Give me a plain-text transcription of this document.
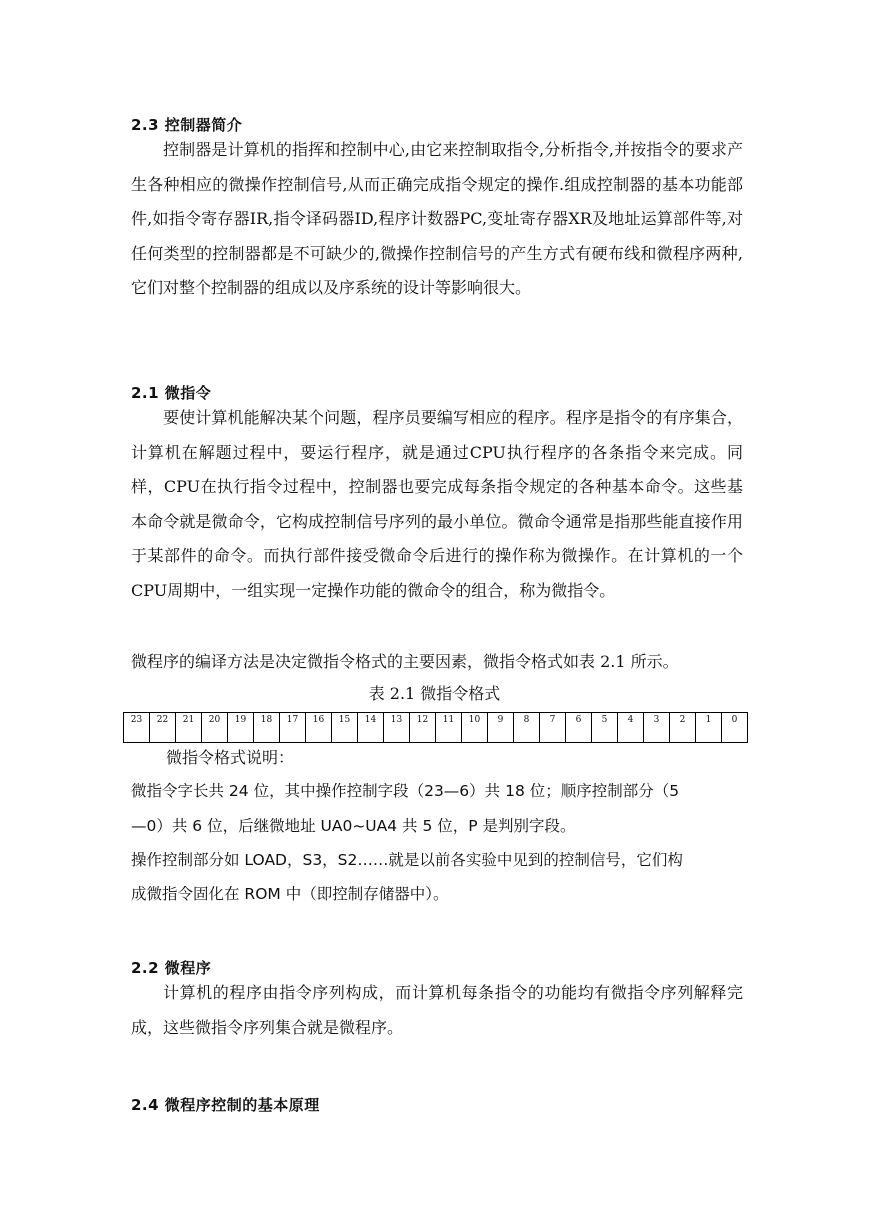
2.3 控制器简介

控制器是计算机的指挥和控制中心,由它来控制取指令,分析指令,并按指令的要求产生各种相应的微操作控制信号,从而正确完成指令规定的操作.组成控制器的基本功能部件,如指令寄存器IR,指令译码器ID,程序计数器PC,变址寄存器XR及地址运算部件等,对任何类型的控制器都是不可缺少的,微操作控制信号的产生方式有硬布线和微程序两种,它们对整个控制器的组成以及序系统的设计等影响很大。

2.1 微指令

要使计算机能解决某个问题，程序员要编写相应的程序。程序是指令的有序集合，计算机在解题过程中，要运行程序，就是通过CPU执行程序的各条指令来完成。同样，CPU在执行指令过程中，控制器也要完成每条指令规定的各种基本命令。这些基本命令就是微命令，它构成控制信号序列的最小单位。微命令通常是指那些能直接作用于某部件的命令。而执行部件接受微命令后进行的操作称为微操作。在计算机的一个CPU周期中，一组实现一定操作功能的微命令的组合，称为微指令。

微程序的编译方法是决定微指令格式的主要因素，微指令格式如表 2.1 所示。
表 2.1 微指令格式
23	22	21	20	19	18	17	16	15	14	13	12	11	10	9	8	7	6	5	4	3	2	1	0
微指令格式说明：
微指令字长共 24 位，其中操作控制字段（23—6）共 18 位；顺序控制部分（5
—0）共 6 位，后继微地址 UA0~UA4 共 5 位，P 是判别字段。
操作控制部分如 LOAD，S3，S2……就是以前各实验中见到的控制信号，它们构
成微指令固化在 ROM 中（即控制存储器中）。
2.2 微程序

计算机的程序由指令序列构成，而计算机每条指令的功能均有微指令序列解释完成，这些微指令序列集合就是微程序。

2.4 微程序控制的基本原理
